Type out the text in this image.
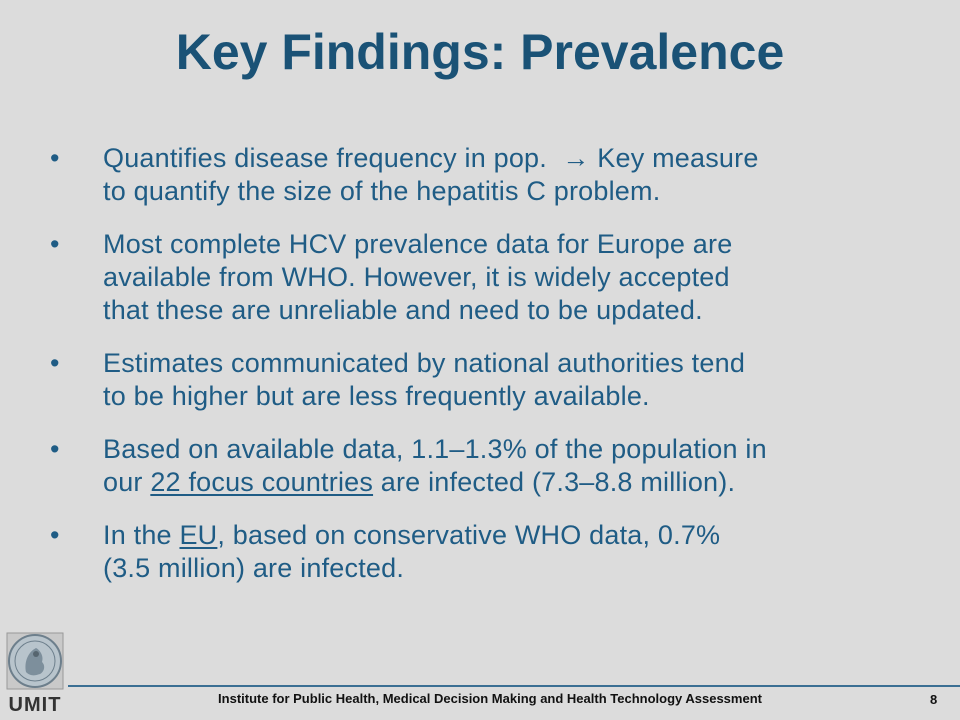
Key Findings: Prevalence
•	Quantifies disease frequency in pop.  → Key measure
to quantify the size of the hepatitis C problem.
•	Most complete HCV prevalence data for Europe are
available from WHO. However, it is widely accepted
that these are unreliable and need to be updated.
•	Estimates communicated by national authorities tend
to be higher but are less frequently available.
•	Based on available data, 1.1–1.3% of the population in
our 22 focus countries are infected (7.3–8.8 million).
•	In the EU, based on conservative WHO data, 0.7%
(3.5 million) are infected.
UMIT	Institute for Public Health, Medical Decision Making and Health Technology Assessment	8
